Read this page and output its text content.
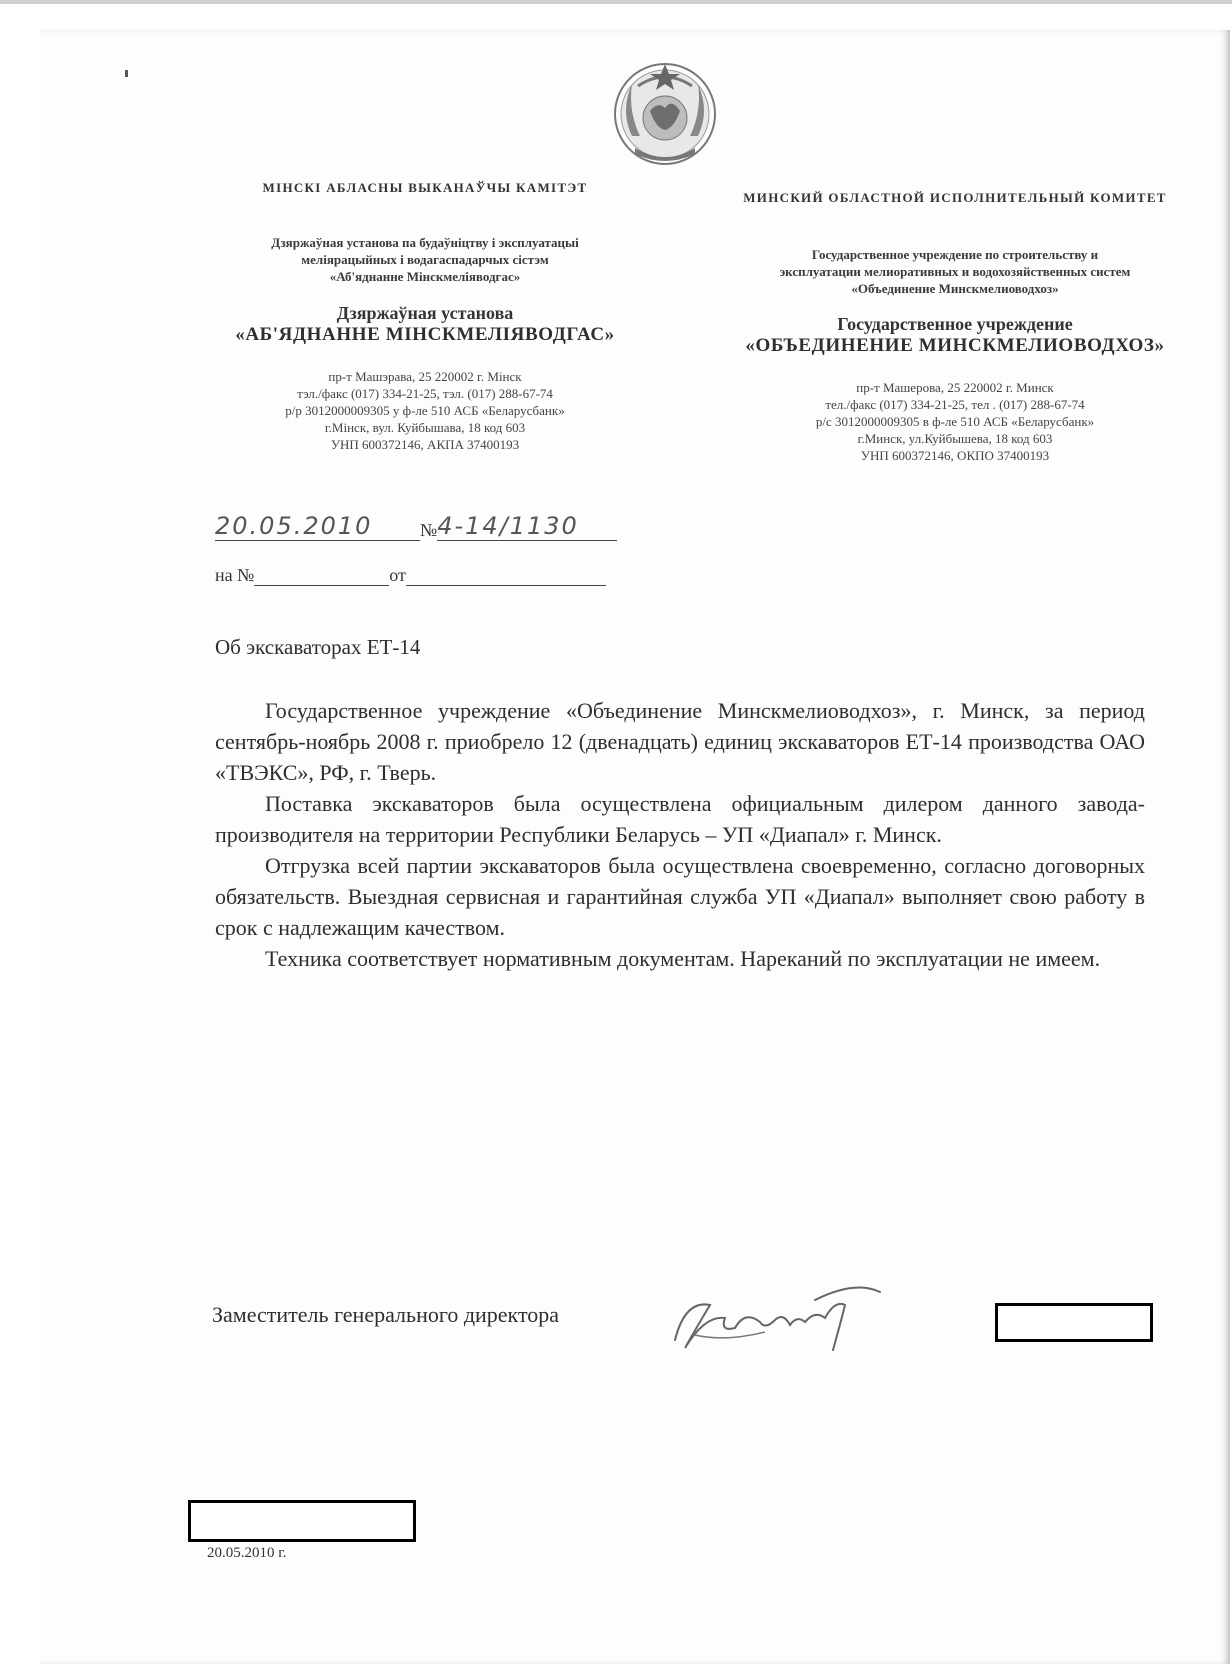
МІНСКІ АБЛАСНЫ ВЫКАНАЎЧЫ КАМІТЭТ
Дзяржаўная установа па будаўніцтву і эксплуатацыі
меліярацыйных і водагаспадарчых сістэм
«Аб'яднанне Мінскмеліяводгас»
Дзяржаўная установа
«АБ'ЯДНАННЕ МІНСКМЕЛІЯВОДГАС»
пр-т Машэрава, 25 220002 г. Мінск
тэл./факс (017) 334-21-25, тэл. (017) 288-67-74
р/р 3012000009305 у ф-ле 510 АСБ «Беларусбанк»
г.Мінск, вул. Куйбышава, 18 код 603
УНП 600372146, АКПА 37400193
МИНСКИЙ ОБЛАСТНОЙ ИСПОЛНИТЕЛЬНЫЙ КОМИТЕТ
Государственное учреждение по строительству и
эксплуатации мелиоративных и водохозяйственных систем
«Объединение Минскмелиоводхоз»
Государственное учреждение
«ОБЪЕДИНЕНИЕ МИНСКМЕЛИОВОДХОЗ»
пр-т Машерова, 25 220002 г. Минск
тел./факс (017) 334-21-25, тел . (017) 288-67-74
р/с 3012000009305 в ф-ле 510 АСБ «Беларусбанк»
г.Минск, ул.Куйбышева, 18 код 603
УНП 600372146, ОКПО 37400193
20.05.2010	№4-14/1130
на №	от
Об экскаваторах ЕТ-14

Государственное учреждение «Объединение Минскмелиоводхоз», г. Минск, за период сентябрь-ноябрь 2008 г. приобрело 12 (двенадцать) единиц экскаваторов ЕТ-14 производства ОАО «ТВЭКС», РФ, г. Тверь.

Поставка экскаваторов была осуществлена официальным дилером данного завода-производителя на территории Республики Беларусь – УП «Диапал» г. Минск.

Отгрузка всей партии экскаваторов была осуществлена своевременно, согласно договорных обязательств. Выездная сервисная и гарантийная служба УП «Диапал» выполняет свою работу в срок с надлежащим качеством.

Техника соответствует нормативным документам. Нареканий по эксплуатации не имеем.

Заместитель генерального директора
20.05.2010 г.
